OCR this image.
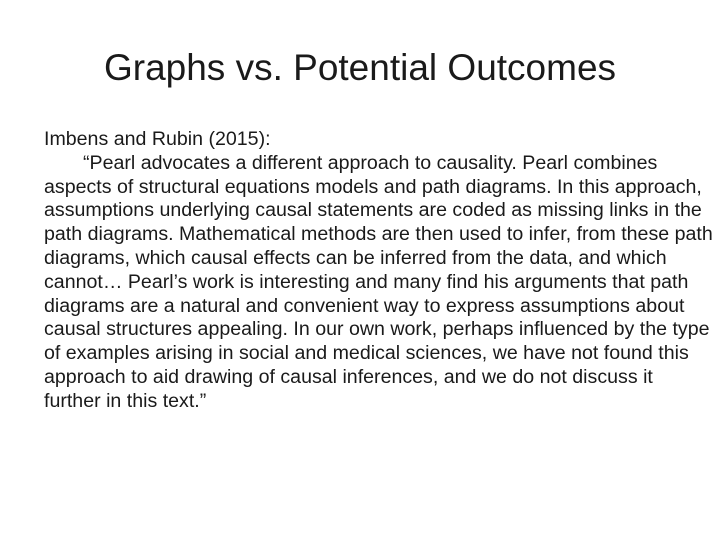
Graphs vs. Potential Outcomes

Imbens and Rubin (2015):

“Pearl advocates a different approach to causality. Pearl combines aspects of structural equations models and path diagrams. In this approach, assumptions underlying causal statements are coded as missing links in the path diagrams. Mathematical methods are then used to infer, from these path diagrams, which causal effects can be inferred from the data, and which cannot… Pearl’s work is interesting and many find his arguments that path diagrams are a natural and convenient way to express assumptions about causal structures appealing. In our own work, perhaps influenced by the type of examples arising in social and medical sciences, we have not found this approach to aid drawing of causal inferences, and we do not discuss it further in this text.”
